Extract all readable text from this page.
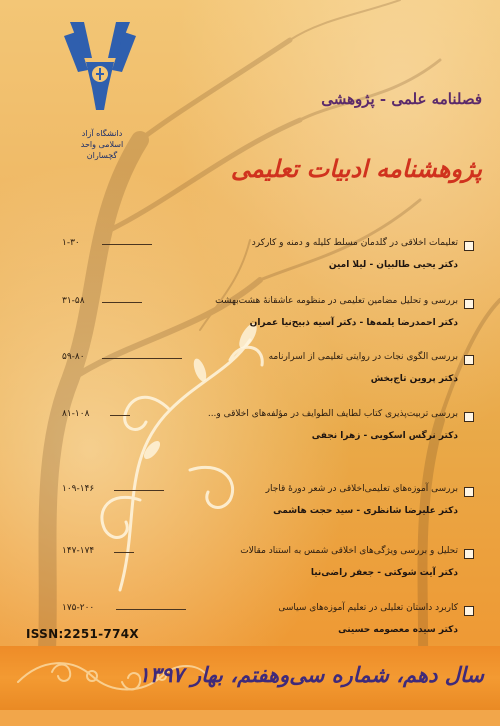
دانشگاه آزاد اسلامی واحد گچساران
فصلنامه علمی - پژوهشی
پژوهشنامه ادبیات تعلیمی
تعلیمات اخلاقی در گلدمان مسلط کلیله و دمنه و کارکرد
۱-۳۰
دکتر یحیی طالبیان - لیلا امین
بررسی و تحلیل مضامین تعلیمی در منظومه عاشقانهٔ هشت‌بهشت
۳۱-۵۸
دکتر احمدرضا یلمه‌ها - دکتر آسیه ذبیح‌نیا عمران
بررسی الگوی نجات در روایتی تعلیمی از اسرارنامه
۵۹-۸۰
دکتر پروین تاج‌بخش
بررسی تربیت‌پذیری کتاب لطایف الطوایف در مؤلفه‌های اخلاقی و...
۸۱-۱۰۸
دکتر نرگس اسکویی - زهرا نجفی
بررسی آموزه‌های تعلیمی‌اخلاقی در شعر دورهٔ قاجار
۱۰۹-۱۴۶
دکتر علیرضا شانظری - سید حجت هاشمی
تحلیل و بررسی ویژگی‌های اخلاقی شمس به استناد مقالات
۱۴۷-۱۷۴
دکتر آیت شوکتی - جعفر راضی‌نیا
کاربرد داستان تعلیلی در تعلیم آموزه‌های سیاسی
۱۷۵-۲۰۰
دکتر سیده معصومه حسینی
ISSN:2251-774X
سال دهم، شماره سی‌وهفتم، بهار ۱۳۹۷
